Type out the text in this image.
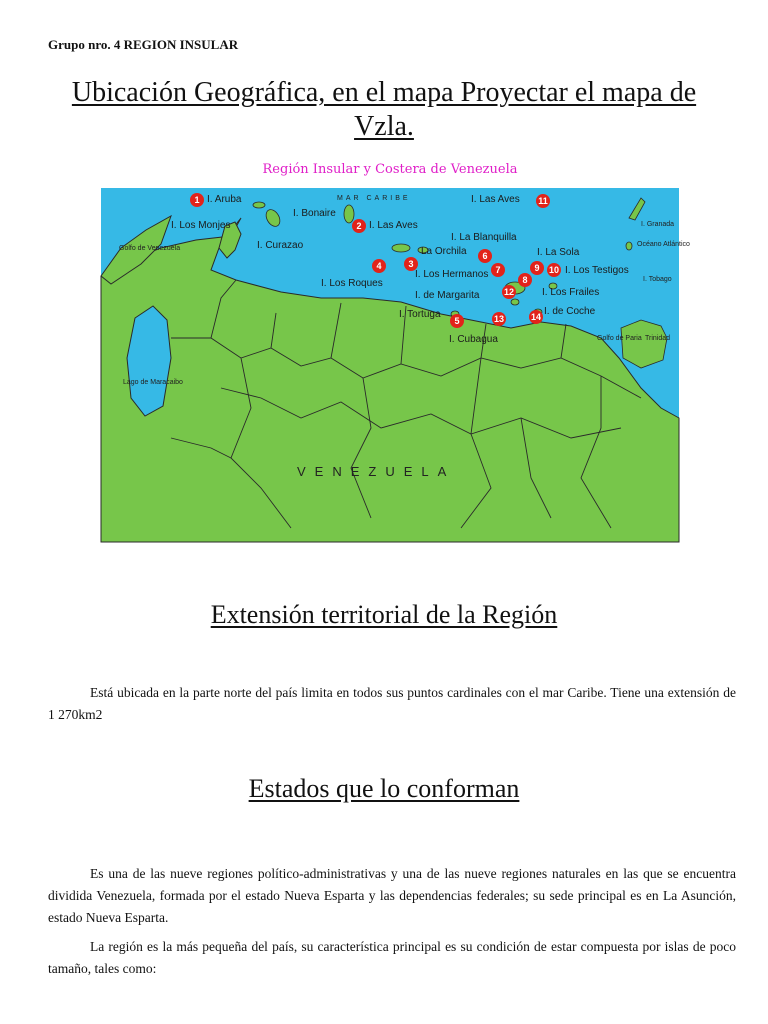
Grupo nro. 4 REGION INSULAR
Ubicación Geográfica, en el mapa Proyectar el mapa de Vzla.
Región Insular y Costera de Venezuela
MAR CARIBE
VENEZUELA
I. Aruba
I. Los Monjes
I. Bonaire
I. Curazao
I. Las Aves
I. Las Aves
I. La Blanquilla
La Orchila	I. La Sola
I. Los Roques
I. Los Hermanos	I. Los Testigos
I. de Margarita	I. Los Frailes
I. Tortuga	I. de Coche
I. Cubagua
Golfo de Venezuela
Lago de Maracaibo
I. Granada
Océano Atlántico
I. Tobago
Trinidad
Golfo de Paria
1
2
4	3
6
7
8
9 10
12
13
5	14
11
Extensión territorial de la Región
Está ubicada en la parte norte del país limita en todos sus puntos cardinales con el mar Caribe. Tiene una extensión de 1 270km2
Estados que lo conforman
Es una de las nueve regiones político-administrativas y una de las nueve regiones naturales en las que se encuentra dividida Venezuela, formada por el estado Nueva Esparta y las dependencias federales; su sede principal es en La Asunción, estado Nueva Esparta.
La región es la más pequeña del país, su característica principal es su condición de estar compuesta por islas de poco tamaño, tales como:
